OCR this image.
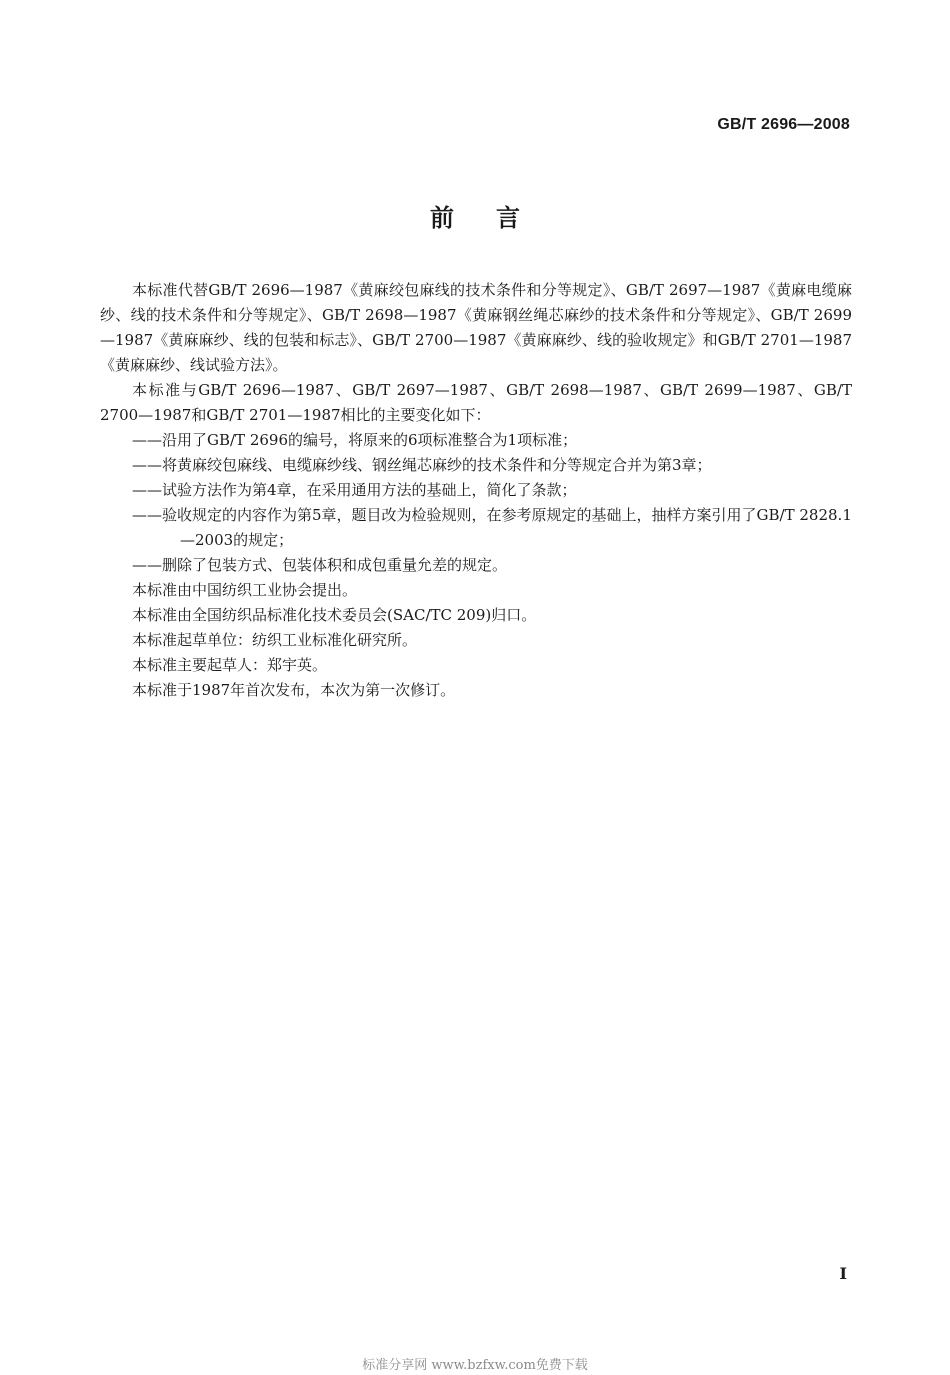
GB/T 2696—2008
前言

本标准代替GB/T 2696—1987《黄麻绞包麻线的技术条件和分等规定》、GB/T 2697—1987《黄麻电缆麻纱、线的技术条件和分等规定》、GB/T 2698—1987《黄麻钢丝绳芯麻纱的技术条件和分等规定》、GB/T 2699—1987《黄麻麻纱、线的包装和标志》、GB/T 2700—1987《黄麻麻纱、线的验收规定》和GB/T 2701—1987《黄麻麻纱、线试验方法》。

本标准与GB/T 2696—1987、GB/T 2697—1987、GB/T 2698—1987、GB/T 2699—1987、GB/T 2700—1987和GB/T 2701—1987相比的主要变化如下：

——沿用了GB/T 2696的编号，将原来的6项标准整合为1项标准；

——将黄麻绞包麻线、电缆麻纱线、钢丝绳芯麻纱的技术条件和分等规定合并为第3章；

——试验方法作为第4章，在采用通用方法的基础上，简化了条款；

——验收规定的内容作为第5章，题目改为检验规则，在参考原规定的基础上，抽样方案引用了GB/T 2828.1—2003的规定；

——删除了包装方式、包装体积和成包重量允差的规定。

本标准由中国纺织工业协会提出。

本标准由全国纺织品标准化技术委员会(SAC/TC 209)归口。

本标准起草单位：纺织工业标准化研究所。

本标准主要起草人：郑宇英。

本标准于1987年首次发布，本次为第一次修订。

I
标准分享网 www.bzfxw.com免费下载
